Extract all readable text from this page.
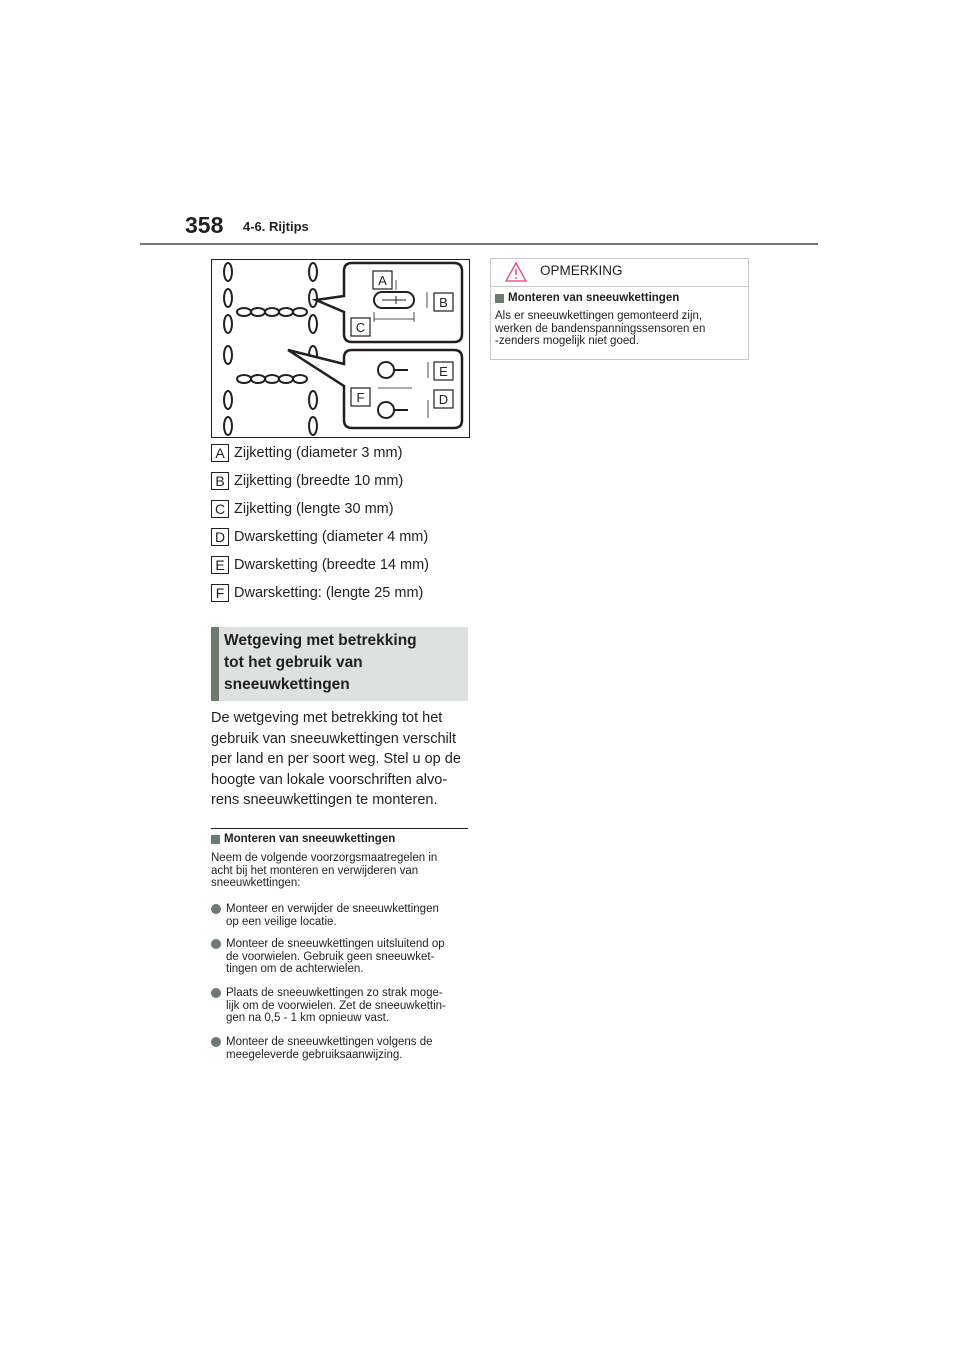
358 4-6. Rijtips
A
B
C
D
E
F
A Zijketting (diameter 3 mm)
B Zijketting (breedte 10 mm)
C Zijketting (lengte 30 mm)
D Dwarsketting (diameter 4 mm)
E Dwarsketting (breedte 14 mm)
F Dwarsketting: (lengte 25 mm)
Wetgeving met betrekking
tot het gebruik van
sneeuwkettingen
De wetgeving met betrekking tot het
gebruik van sneeuwkettingen verschilt
per land en per soort weg. Stel u op de
hoogte van lokale voorschriften alvo-
rens sneeuwkettingen te monteren.
Monteren van sneeuwkettingen
Neem de volgende voorzorgsmaatregelen in
acht bij het monteren en verwijderen van
sneeuwkettingen:
Monteer en verwijder de sneeuwkettingen
op een veilige locatie.
Monteer de sneeuwkettingen uitsluitend op
de voorwielen. Gebruik geen sneeuwket-
tingen om de achterwielen.
Plaats de sneeuwkettingen zo strak moge-
lijk om de voorwielen. Zet de sneeuwkettin-
gen na 0,5 - 1 km opnieuw vast.
Monteer de sneeuwkettingen volgens de
meegeleverde gebruiksaanwijzing.
OPMERKING
Monteren van sneeuwkettingen
Als er sneeuwkettingen gemonteerd zijn,
werken de bandenspanningssensoren en
-zenders mogelijk niet goed.
